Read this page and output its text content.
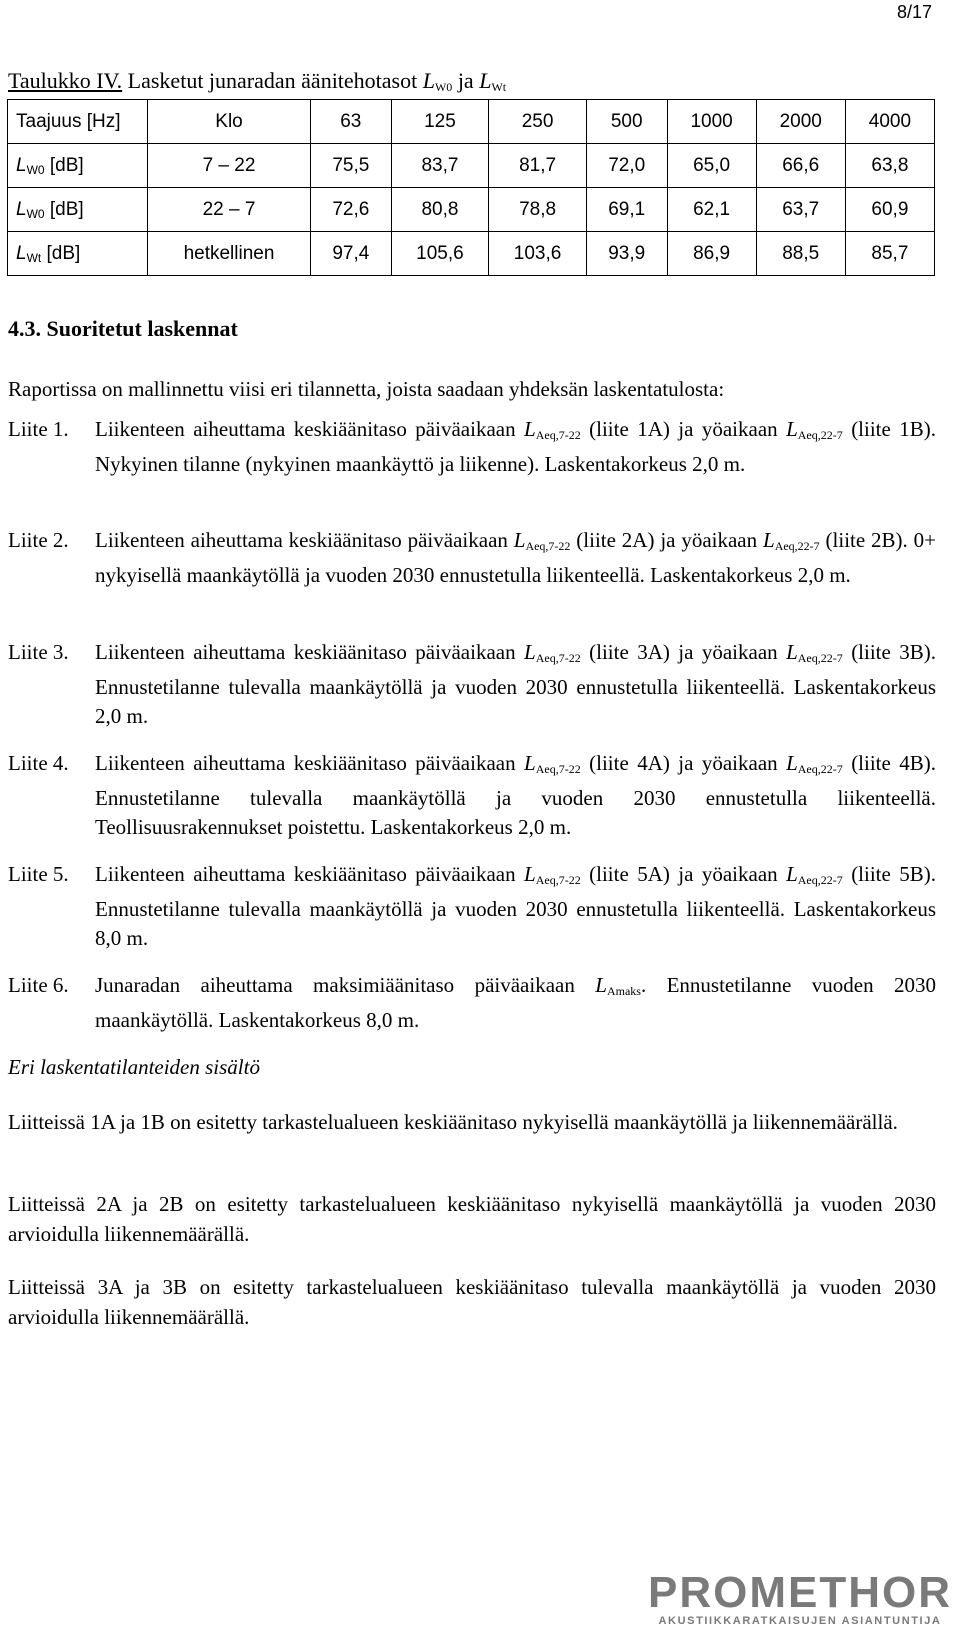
8/17
Taulukko IV. Lasketut junaradan äänitehotasot $L_{W0}$ ja $L_{Wt}$
Taajuus [Hz]	Klo	63	125	250	500	1000	2000	4000
$L_{W0}$ [dB]	7 – 22	75,5	83,7	81,7	72,0	65,0	66,6	63,8
$L_{W0}$ [dB]	22 – 7	72,6	80,8	78,8	69,1	62,1	63,7	60,9
$L_{Wt}$ [dB]	hetkellinen	97,4	105,6	103,6	93,9	86,9	88,5	85,7
4.3. Suoritetut laskennat
Raportissa on mallinnettu viisi eri tilannetta, joista saadaan yhdeksän laskentatulosta:
Liite 1. Liikenteen aiheuttama keskiäänitaso päiväaikaan $L_{Aeq,7-22}$ (liite 1A) ja yöaikaan $L_{Aeq,22-7}$ (liite 1B). Nykyinen tilanne (nykyinen maankäyttö ja liikenne). Laskentakorkeus 2,0 m.
Liite 2. Liikenteen aiheuttama keskiäänitaso päiväaikaan $L_{Aeq,7-22}$ (liite 2A) ja yöaikaan $L_{Aeq,22-7}$ (liite 2B). 0+ nykyisellä maankäytöllä ja vuoden 2030 ennustetulla liikenteellä. Laskentakorkeus 2,0 m.
Liite 3. Liikenteen aiheuttama keskiäänitaso päiväaikaan $L_{Aeq,7-22}$ (liite 3A) ja yöaikaan $L_{Aeq,22-7}$ (liite 3B). Ennustetilanne tulevalla maankäytöllä ja vuoden 2030 ennustetulla liikenteellä. Laskentakorkeus 2,0 m.
Liite 4. Liikenteen aiheuttama keskiäänitaso päiväaikaan $L_{Aeq,7-22}$ (liite 4A) ja yöaikaan $L_{Aeq,22-7}$ (liite 4B). Ennustetilanne tulevalla maankäytöllä ja vuoden 2030 ennustetulla liikenteellä. Teollisuusrakennukset poistettu. Laskentakorkeus 2,0 m.
Liite 5. Liikenteen aiheuttama keskiäänitaso päiväaikaan $L_{Aeq,7-22}$ (liite 5A) ja yöaikaan $L_{Aeq,22-7}$ (liite 5B). Ennustetilanne tulevalla maankäytöllä ja vuoden 2030 ennustetulla liikenteellä. Laskentakorkeus 8,0 m.
Liite 6. Junaradan aiheuttama maksimiäänitaso päiväaikaan $L_{Amaks}$. Ennustetilanne vuoden 2030 maankäytöllä. Laskentakorkeus 8,0 m.
Eri laskentatilanteiden sisältö
Liitteissä 1A ja 1B on esitetty tarkastelualueen keskiäänitaso nykyisellä maankäytöllä ja liikennemäärällä.
Liitteissä 2A ja 2B on esitetty tarkastelualueen keskiäänitaso nykyisellä maankäytöllä ja vuoden 2030 arvioidulla liikennemäärällä.
Liitteissä 3A ja 3B on esitetty tarkastelualueen keskiäänitaso tulevalla maankäytöllä ja vuoden 2030 arvioidulla liikennemäärällä.
PROMETHOR
AKUSTIIKKARATKAISUJEN ASIANTUNTIJA
